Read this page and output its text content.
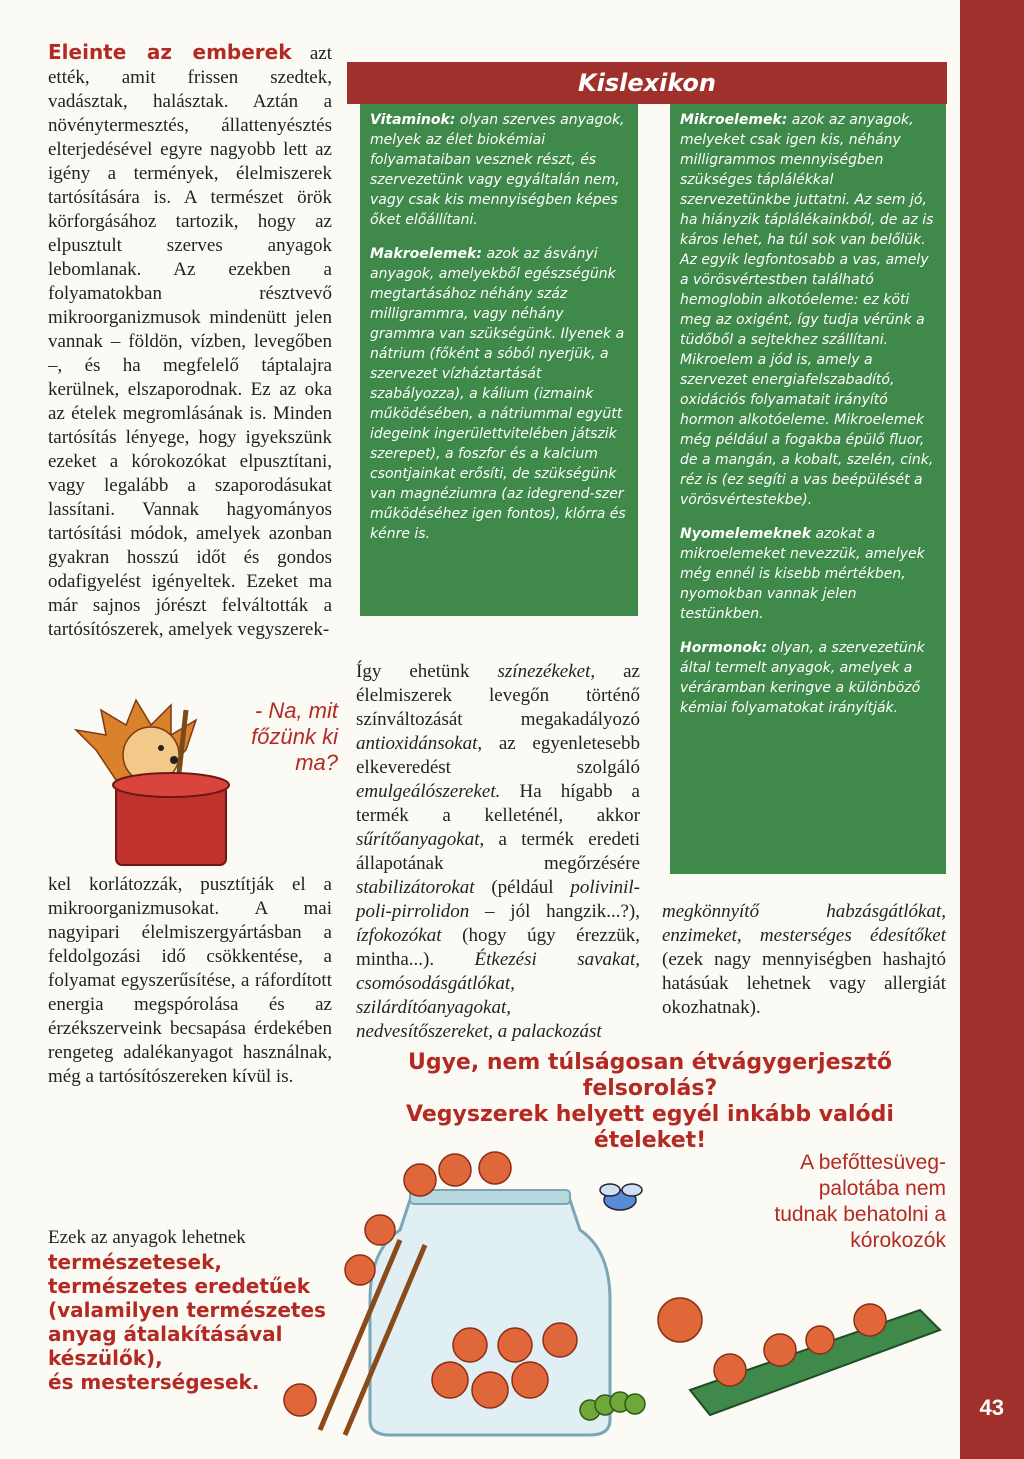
43

Eleinte az emberek azt ették, amit frissen szedtek, vadásztak, halásztak. Aztán a növénytermesztés, állattenyésztés elterjedésével egyre nagyobb lett az igény a termények, élelmiszerek tartósítására is. A természet örök körforgásához tartozik, hogy az elpusztult szerves anyagok lebomlanak. Az ezekben a folyamatokban résztvevő mikroorganizmusok mindenütt jelen vannak – földön, vízben, levegőben –, és ha megfelelő táptalajra kerülnek, elszaporodnak. Ez az oka az ételek megromlásának is. Minden tartósítás lényege, hogy igyekszünk ezeket a kórokozókat elpusztítani, vagy legalább a szaporodásukat lassítani. Vannak hagyományos tartósítási módok, amelyek azonban gyakran hosszú időt és gondos odafigyelést igényeltek. Ezeket ma már sajnos jórészt felváltották a tartósítószerek, amelyek vegyszerek-

- Na, mit főzünk ki ma?

kel korlátozzák, pusztítják el a mikroorganizmusokat. A mai nagyipari élelmiszergyártásban a feldolgozási idő csökkentése, a folyamat egyszerűsítése, a ráfordított energia megspórolása és az érzékszerveink becsapása érdekében rengeteg adalékanyagot használnak, még a tartósítószereken kívül is.

Ezek az anyagok lehetnek

természetesek,
természetes eredetűek (valamilyen természetes anyag átalakításával készülők),
és mesterségesek.
Kislexikon

Vitaminok: olyan szerves anyagok, melyek az élet biokémiai folyamataiban vesznek részt, és szervezetünk vagy egyáltalán nem, vagy csak kis mennyiségben képes őket előállítani.

Makroelemek: azok az ásványi anyagok, amelyekből egészségünk megtartásához néhány száz milligrammra, vagy néhány grammra van szükségünk. Ilyenek a nátrium (főként a sóból nyerjük, a szervezet vízháztartását szabályozza), a kálium (izmaink működésében, a nátriummal együtt idegeink ingerülettvitelében játszik szerepet), a foszfor és a kalcium csontjainkat erősíti, de szükségünk van magnéziumra (az idegrend-szer működéséhez igen fontos), klórra és kénre is.

Mikroelemek: azok az anyagok, melyeket csak igen kis, néhány milligrammos mennyiségben szükséges táplálékkal szervezetünkbe juttatni. Az sem jó, ha hiányzik táplálékainkból, de az is káros lehet, ha túl sok van belőlük. Az egyik legfontosabb a vas, amely a vörösvértestben található hemoglobin alkotóeleme: ez köti meg az oxigént, így tudja vérünk a tüdőből a sejtekhez szállítani. Mikroelem a jód is, amely a szervezet energiafelszabadító, oxidációs folyamatait irányító hormon alkotóeleme. Mikroelemek még például a fogakba épülő fluor, de a mangán, a kobalt, szelén, cink, réz is (ez segíti a vas beépülését a vörösvértestekbe).

Nyomelemeknek azokat a mikroelemeket nevezzük, amelyek még ennél is kisebb mértékben, nyomokban vannak jelen testünkben.

Hormonok: olyan, a szervezetünk által termelt anyagok, amelyek a véráramban keringve a különböző kémiai folyamatokat irányítják.

Így ehetünk színezékeket, az élelmiszerek levegőn történő színváltozását megakadályozó antioxidánsokat, az egyenletesebb elkeveredést szolgáló emulgeálószereket. Ha hígabb a termék a kelleténél, akkor sűrítőanyagokat, a termék eredeti állapotának megőrzésére stabilizátorokat (például polivinil-poli-pirrolidon – jól hangzik...?), ízfokozókat (hogy úgy érezzük, mintha...). Étkezési savakat, csomósodásgátlókat, szilárdítóanyagokat, nedvesítőszereket, a palackozást

megkönnyítő habzásgátlókat, enzimeket, mesterséges édesítőket (ezek nagy mennyiségben hashajtó hatásúak lehetnek vagy allergiát okozhatnak).

Ugye, nem túlságosan étvágygerjesztő felsorolás?
Vegyszerek helyett egyél inkább valódi ételeket!
A befőttesüveg-palotába nem tudnak behatolni a kórokozók
